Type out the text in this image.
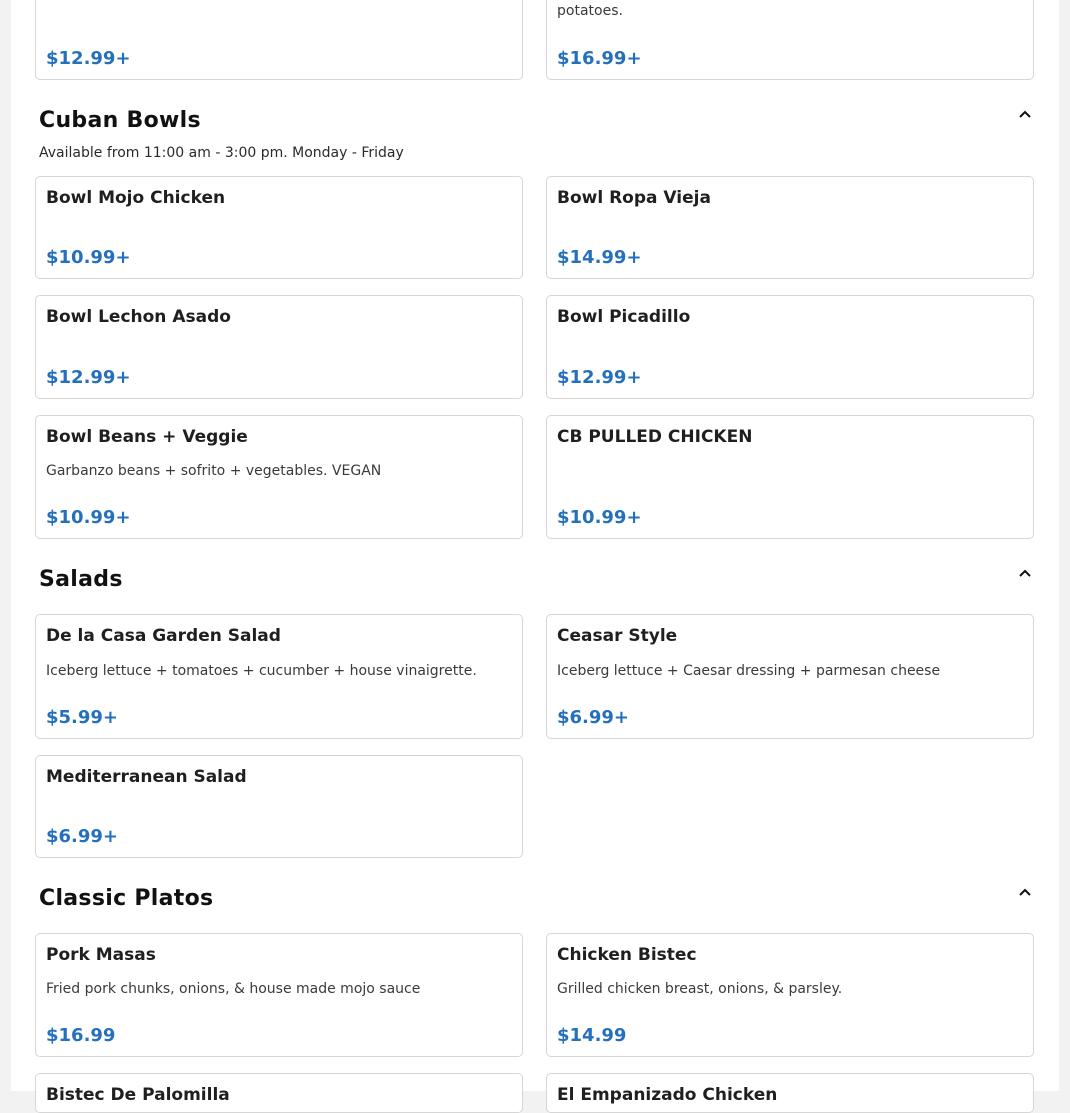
$12.99+
potatoes.
$16.99+
Cuban Bowls
Available from 11:00 am - 3:00 pm. Monday - Friday
Bowl Mojo Chicken
$10.99+
Bowl Ropa Vieja
$14.99+
Bowl Lechon Asado
$12.99+
Bowl Picadillo
$12.99+
Bowl Beans + Veggie
Garbanzo beans + sofrito + vegetables. VEGAN
$10.99+
CB PULLED CHICKEN
$10.99+
Salads
De la Casa Garden Salad
Iceberg lettuce + tomatoes + cucumber + house vinaigrette.
$5.99+
Ceasar Style
Iceberg lettuce + Caesar dressing + parmesan cheese
$6.99+
Mediterranean Salad
$6.99+
Classic Platos
Pork Masas
Fried pork chunks, onions, & house made mojo sauce
$16.99
Chicken Bistec
Grilled chicken breast, onions, & parsley.
$14.99
Bistec De Palomilla	El Empanizado Chicken
